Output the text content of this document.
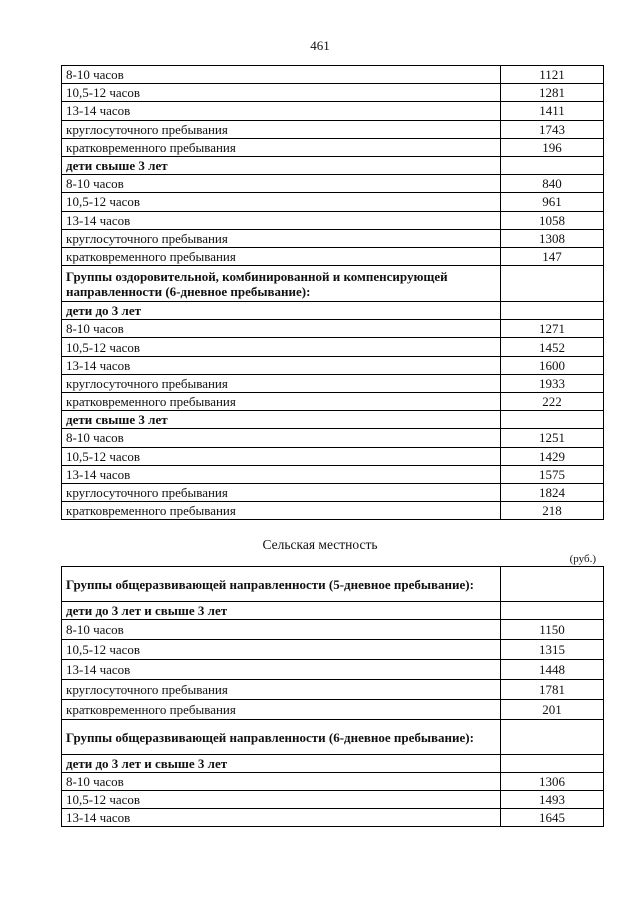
461
8-10 часов	1121
10,5-12 часов	1281
13-14 часов	1411
круглосуточного пребывания	1743
кратковременного пребывания	196
дети свыше 3 лет	
8-10 часов	840
10,5-12 часов	961
13-14 часов	1058
круглосуточного пребывания	1308
кратковременного пребывания	147
Группы оздоровительной, комбинированной и компенсирующей направленности (6-дневное пребывание):	
дети до 3 лет	
8-10 часов	1271
10,5-12 часов	1452
13-14 часов	1600
круглосуточного пребывания	1933
кратковременного пребывания	222
дети свыше 3 лет	
8-10 часов	1251
10,5-12 часов	1429
13-14 часов	1575
круглосуточного пребывания	1824
кратковременного пребывания	218
Сельская местность
(руб.)
Группы общеразвивающей направленности (5-дневное пребывание):	
дети до 3 лет и свыше 3 лет	
8-10 часов	1150
10,5-12 часов	1315
13-14 часов	1448
круглосуточного пребывания	1781
кратковременного пребывания	201
Группы общеразвивающей направленности (6-дневное пребывание):	
дети до 3 лет и свыше 3 лет	
8-10 часов	1306
10,5-12 часов	1493
13-14 часов	1645
